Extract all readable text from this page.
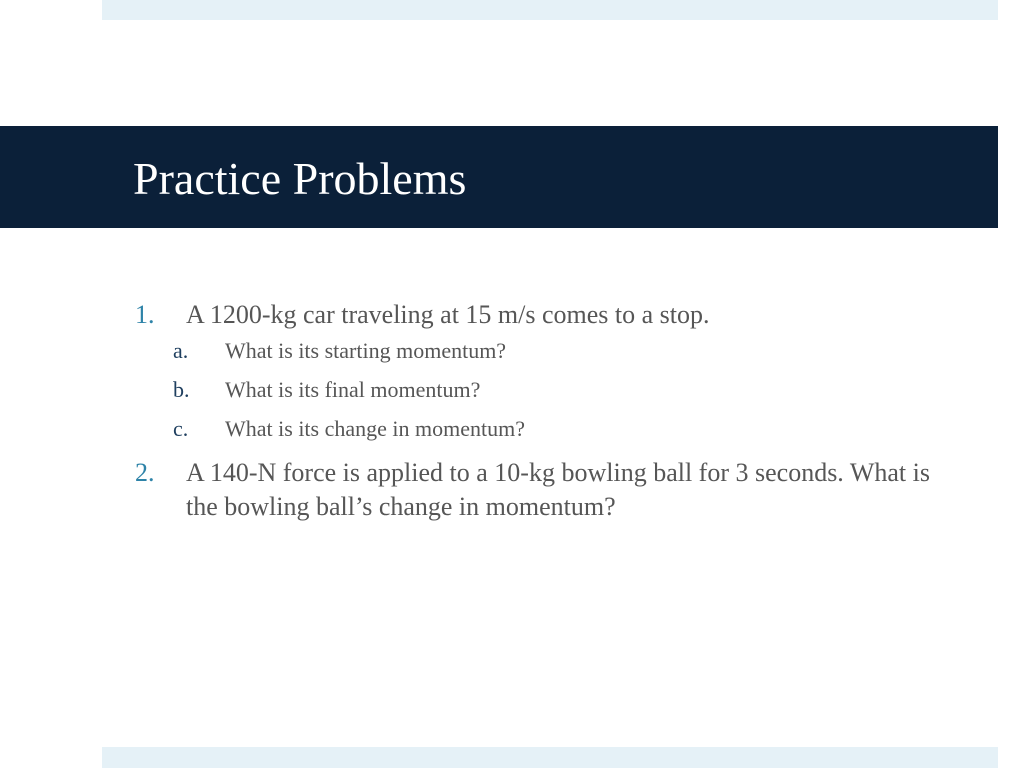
Practice Problems
1. A 1200-kg car traveling at 15 m/s comes to a stop.
a. What is its starting momentum?
b. What is its final momentum?
c. What is its change in momentum?
2. A 140-N force is applied to a 10-kg bowling ball for 3 seconds. What is the bowling ball’s change in momentum?
